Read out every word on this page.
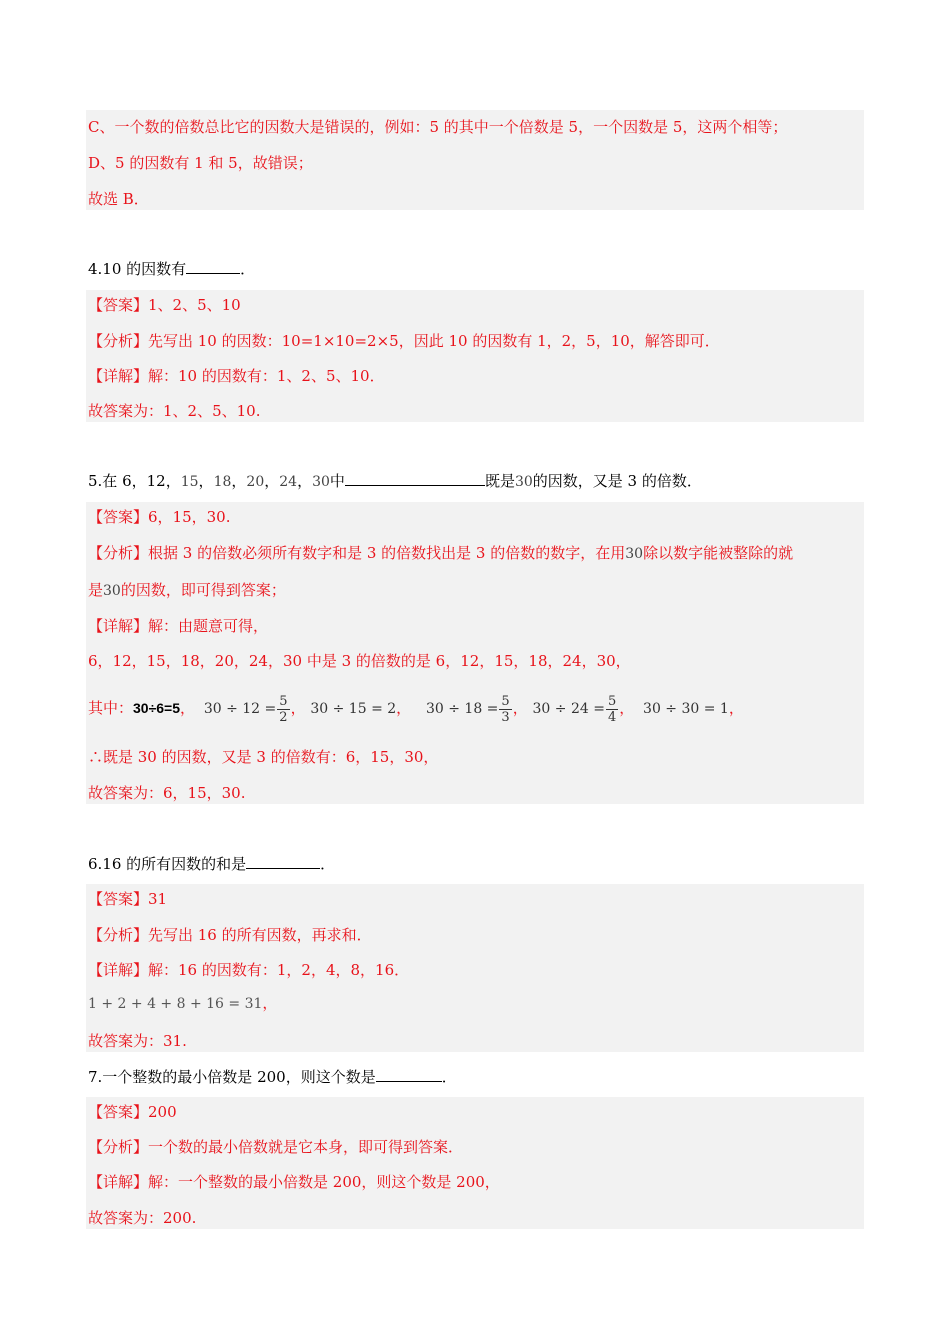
C、一个数的倍数总比它的因数大是错误的，例如：5 的其中一个倍数是 5，一个因数是 5，这两个相等；
D、5 的因数有 1 和 5，故错误；
故选 B．
4.10 的因数有	．
【答案】1、2、5、10
【分析】先写出 10 的因数：10=1×10=2×5，因此 10 的因数有 1，2，5，10，解答即可．
【详解】解：10 的因数有：1、2、5、10．
故答案为：1、2、5、10.
5.在 6，12，15，18，20，24，30中	既是30的因数，又是 3 的倍数．
【答案】6，15，30.
【分析】根据 3 的倍数必须所有数字和是 3 的倍数找出是 3 的倍数的数字，在用30除以数字能被整除的就
是30的因数，即可得到答案；
【详解】解：由题意可得，
6，12，15，18，20，24，30 中是 3 的倍数的是 6，12，15，18，24，30，
其中：30÷6=5， $30 \div 12 = \frac{5}{2}$ ， 30 ÷ 15 = 2， $30 \div 18 = \frac{5}{3}$ ， $30 \div 24 = \frac{5}{4}$ ， 30 ÷ 30 = 1，
∴既是 30 的因数，又是 3 的倍数有：6，15，30，
故答案为：6，15，30.
6.16 的所有因数的和是	．
【答案】31
【分析】先写出 16 的所有因数，再求和．
【详解】解：16 的因数有：1，2，4，8，16．
1 + 2 + 4 + 8 + 16 = 31，
故答案为：31.
7.一个整数的最小倍数是 200，则这个数是	．
【答案】200
【分析】一个数的最小倍数就是它本身，即可得到答案．
【详解】解：一个整数的最小倍数是 200，则这个数是 200，
故答案为：200.
